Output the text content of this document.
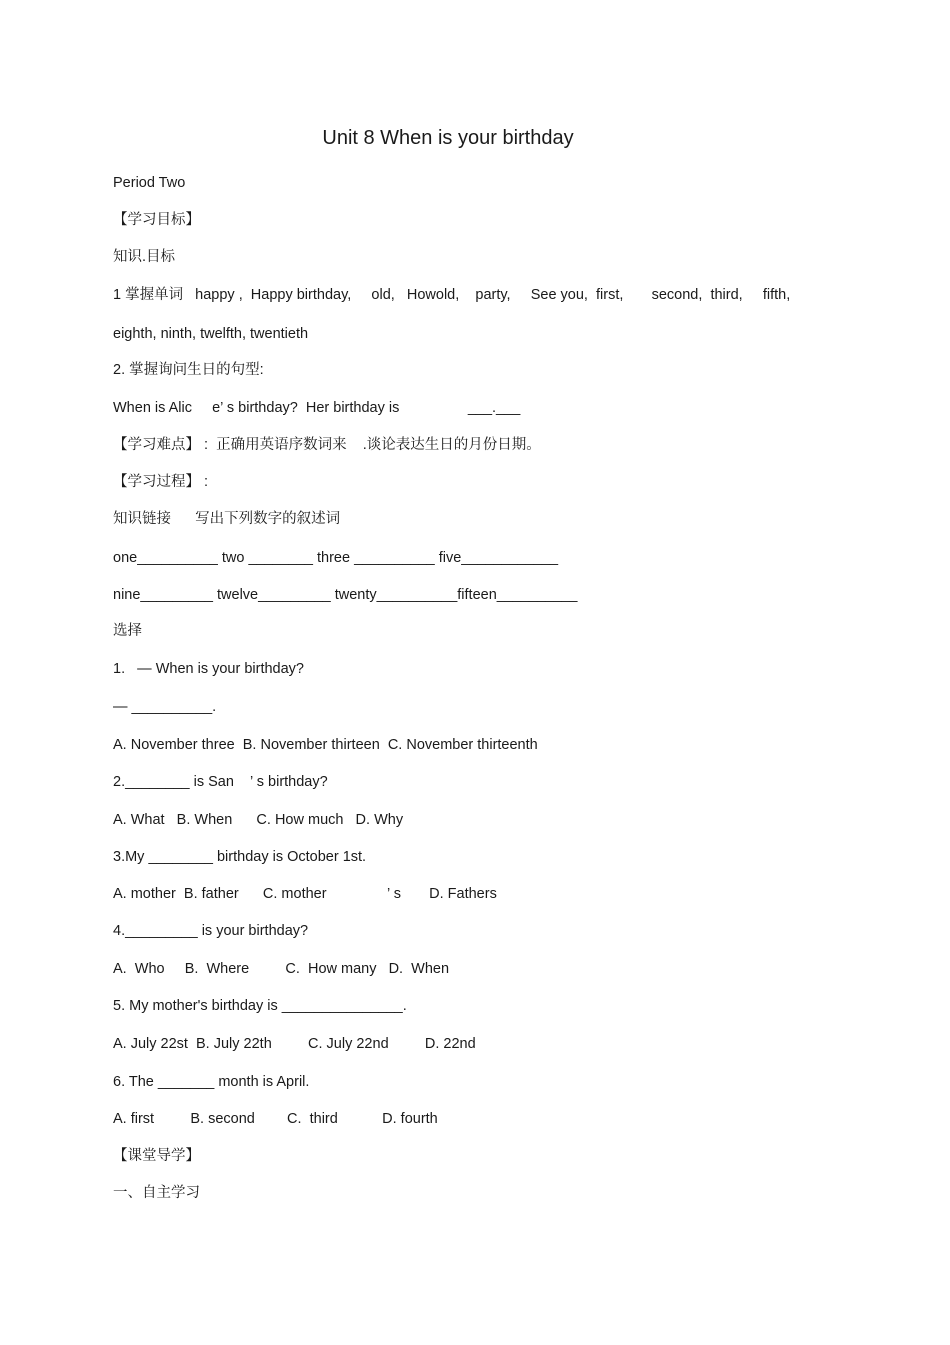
Unit 8 When is your birthday
Period Two
【学习目标】
知识.目标
1 掌握单词   happy ,  Happy birthday,     old,   Howold,    party,     See you,  first,       second,  third,     fifth,
eighth, ninth, twelfth, twentieth
2. 掌握询问生日的句型:
When is Alic     e’ s birthday?  Her birthday is                 ___.___
【学习难点】 :  正确用英语序数词来    .谈论表达生日的月份日期。
【学习过程】 :
知识链接      写出下列数字的叙述词
one__________ two ________ three __________ five____________
nine_________ twelve_________ twenty__________fifteen__________
选择
1.   — When is your birthday?
— __________.
A. November three  B. November thirteen  C. November thirteenth
2.________ is San    ’ s birthday?
A. What   B. When      C. How much   D. Why
3.My ________ birthday is October 1st.
A. mother  B. father      C. mother               ’ s       D. Fathers
4._________ is your birthday?
A.  Who     B.  Where         C.  How many   D.  When
5. My mother's birthday is _______________.
A. July 22st  B. July 22th         C. July 22nd         D. 22nd
6. The _______ month is April.
A. first         B. second        C.  third           D. fourth
【课堂导学】
一、自主学习
